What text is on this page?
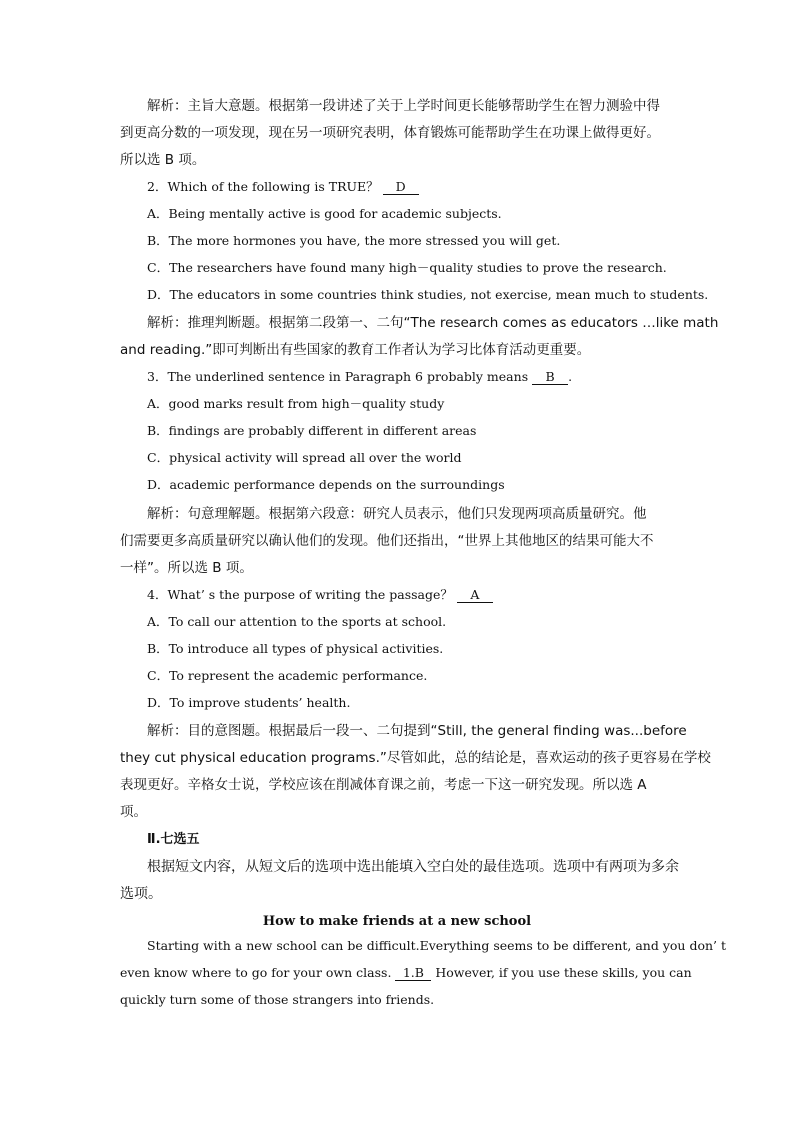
解析：主旨大意题。根据第一段讲述了关于上学时间更长能够帮助学生在智力测验中得
到更高分数的一项发现，现在另一项研究表明，体育锻炼可能帮助学生在功课上做得更好。
所以选 B 项。
2．Which of the following is TRUE？ D
A．Being mentally active is good for academic subjects.
B．The more hormones you have, the more stressed you will get.
C．The researchers have found many high－quality studies to prove the research.
D．The educators in some countries think studies, not exercise, mean much to students.
解析：推理判断题。根据第二段第一、二句“The research comes as educators …like math
and reading.”即可判断出有些国家的教育工作者认为学习比体育活动更重要。
3．The underlined sentence in Paragraph 6 probably means B .
A．good marks result from high－quality study
B．findings are probably different in different areas
C．physical activity will spread all over the world
D．academic performance depends on the surroundings
解析：句意理解题。根据第六段意：研究人员表示，他们只发现两项高质量研究。他
们需要更多高质量研究以确认他们的发现。他们还指出，“世界上其他地区的结果可能大不
一样”。所以选 B 项。
4．What’ s the purpose of writing the passage？ A
A．To call our attention to the sports at school.
B．To introduce all types of physical activities.
C．To represent the academic performance.
D．To improve students’ health.
解析：目的意图题。根据最后一段一、二句提到“Still, the general finding was...before
they cut physical education programs.”尽管如此，总的结论是，喜欢运动的孩子更容易在学校
表现更好。辛格女士说，学校应该在削减体育课之前，考虑一下这一研究发现。所以选 A
项。
Ⅱ.七选五
根据短文内容，从短文后的选项中选出能填入空白处的最佳选项。选项中有两项为多余
选项。
How to make friends at a new school
Starting with a new school can be difficult.Everything seems to be different, and you don’ t
even know where to go for your own class. 1.B However, if you use these skills, you can
quickly turn some of those strangers into friends.
